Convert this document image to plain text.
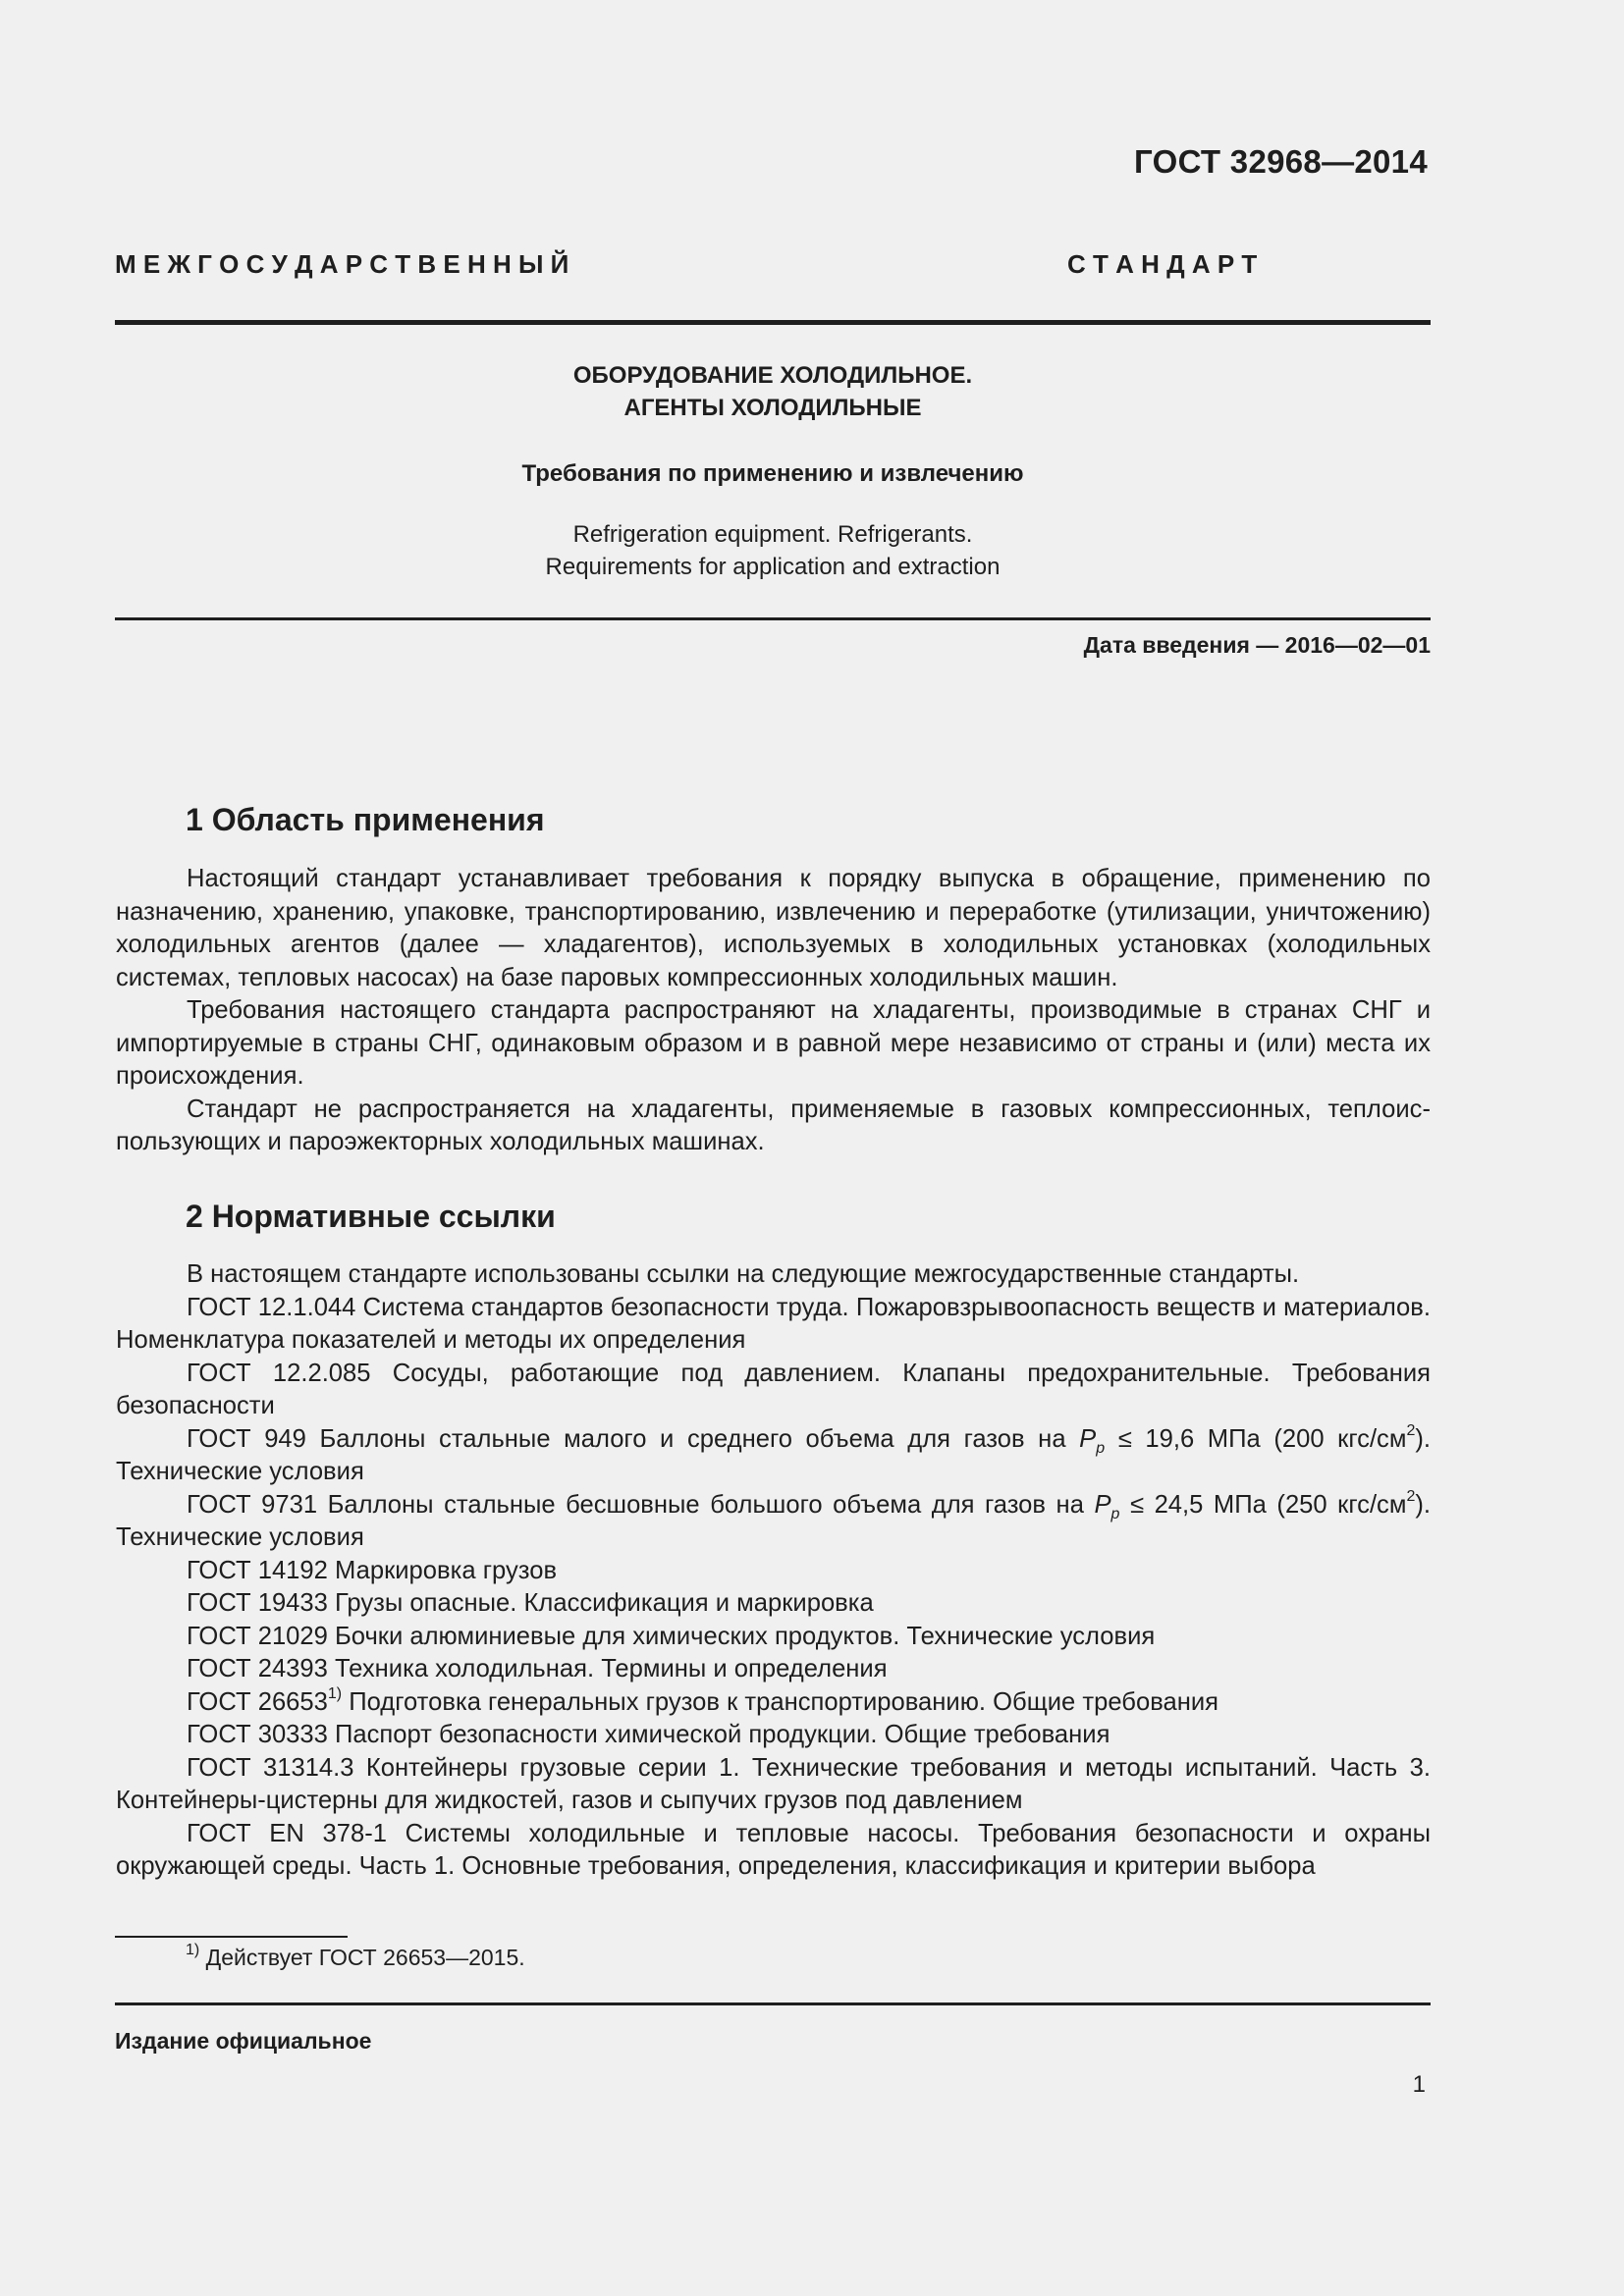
ГОСТ 32968—2014
М Е Ж Г О С У Д А Р С Т В Е Н Н Ы Й	С Т А Н Д А Р Т
ОБОРУДОВАНИЕ ХОЛОДИЛЬНОЕ.
АГЕНТЫ ХОЛОДИЛЬНЫЕ
Требования по применению и извлечению
Refrigeration equipment. Refrigerants.
Requirements for application and extraction
Дата введения — 2016—02—01
1 Область применения

Настоящий стандарт устанавливает требования к порядку выпуска в обращение, применению по назначению, хранению, упаковке, транспортированию, извлечению и переработке (утилизации, уничтожению) холодильных агентов (далее — хладагентов), используемых в холодильных установках (холодильных системах, тепловых насосах) на базе паровых компрессионных холодильных машин.

Требования настоящего стандарта распространяют на хладагенты, производимые в странах СНГ и импортируемые в страны СНГ, одинаковым образом и в равной мере независимо от страны и (или) места их происхождения.

Стандарт не распространяется на хладагенты, применяемые в газовых компрессионных, теплоиспользующих и пароэжекторных холодильных машинах.

2 Нормативные ссылки

В настоящем стандарте использованы ссылки на следующие межгосударственные стандарты.

ГОСТ 12.1.044 Система стандартов безопасности труда. Пожаровзрывоопасность веществ и материалов. Номенклатура показателей и методы их определения

ГОСТ 12.2.085 Сосуды, работающие под давлением. Клапаны предохранительные. Требования безопасности

ГОСТ 949 Баллоны стальные малого и среднего объема для газов на $P_p \le 19,6$ МПа (200 кгс/$см^2$). Технические условия

ГОСТ 9731 Баллоны стальные бесшовные большого объема для газов на $P_p \le 24,5$ МПа (250 кгс/$см^2$). Технические условия

ГОСТ 14192 Маркировка грузов

ГОСТ 19433 Грузы опасные. Классификация и маркировка

ГОСТ 21029 Бочки алюминиевые для химических продуктов. Технические условия

ГОСТ 24393 Техника холодильная. Термины и определения

ГОСТ 26653$^{1)}$ Подготовка генеральных грузов к транспортированию. Общие требования

ГОСТ 30333 Паспорт безопасности химической продукции. Общие требования

ГОСТ 31314.3 Контейнеры грузовые серии 1. Технические требования и методы испытаний. Часть 3. Контейнеры-цистерны для жидкостей, газов и сыпучих грузов под давлением

ГОСТ EN 378-1 Системы холодильные и тепловые насосы. Требования безопасности и охраны окружающей среды. Часть 1. Основные требования, определения, классификация и критерии выбора

$^{1)}$ Действует ГОСТ 26653—2015.
Издание официальное
1
